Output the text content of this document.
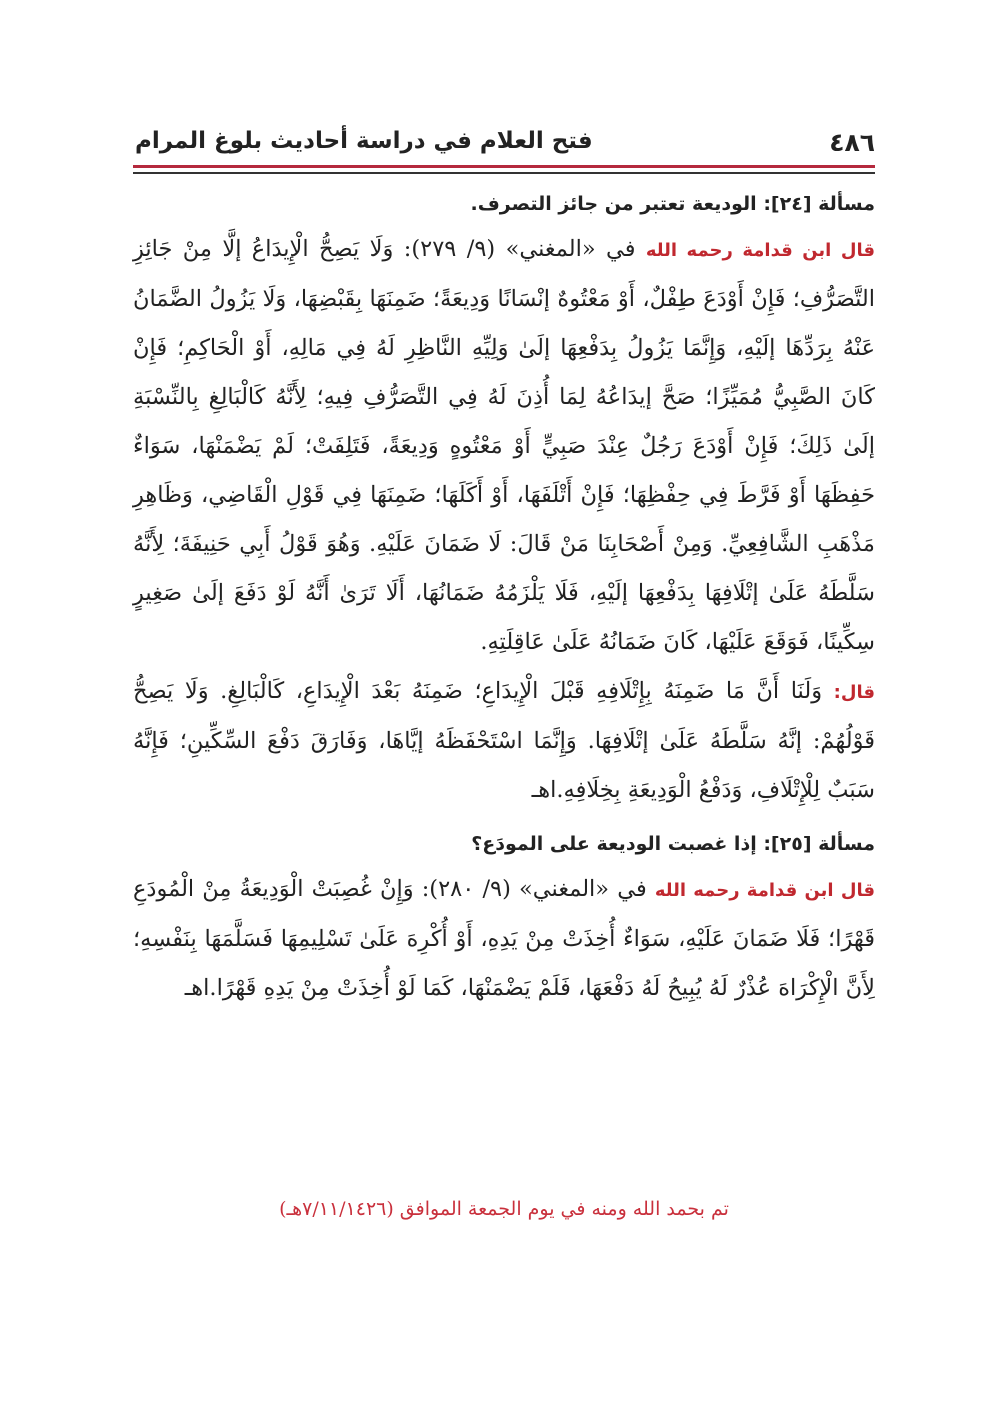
٤٨٦
فتح العلام في دراسة أحاديث بلوغ المرام
مسألة [٢٤]: الوديعة تعتبر من جائز التصرف.

قال ابن قدامة رحمه الله في «المغني» (٩/ ٢٧٩): وَلَا يَصِحُّ الْإِيدَاعُ إلَّا مِنْ جَائِزِ التَّصَرُّفِ؛ فَإِنْ أَوْدَعَ طِفْلٌ، أَوْ مَعْتُوهٌ إنْسَانًا وَدِيعَةً؛ ضَمِنَهَا بِقَبْضِهَا، وَلَا يَزُولُ الضَّمَانُ عَنْهُ بِرَدِّهَا إلَيْهِ، وَإِنَّمَا يَزُولُ بِدَفْعِهَا إلَىٰ وَلِيِّهِ النَّاظِرِ لَهُ فِي مَالِهِ، أَوْ الْحَاكِمِ؛ فَإِنْ كَانَ الصَّبِيُّ مُمَيِّزًا؛ صَحَّ إيدَاعُهُ لِمَا أُذِنَ لَهُ فِي التَّصَرُّفِ فِيهِ؛ لِأَنَّهُ كَالْبَالِغِ بِالنِّسْبَةِ إلَىٰ ذَلِكَ؛ فَإِنْ أَوْدَعَ رَجُلٌ عِنْدَ صَبِيٍّ أَوْ مَعْتُوهٍ وَدِيعَةً، فَتَلِفَتْ؛ لَمْ يَضْمَنْهَا، سَوَاءٌ حَفِظَهَا أَوْ فَرَّطَ فِي حِفْظِهَا؛ فَإِنْ أَتْلَفَهَا، أَوْ أَكَلَهَا؛ ضَمِنَهَا فِي قَوْلِ الْقَاضِي، وَظَاهِرِ مَذْهَبِ الشَّافِعِيِّ. وَمِنْ أَصْحَابِنَا مَنْ قَالَ: لَا ضَمَانَ عَلَيْهِ. وَهُوَ قَوْلُ أَبِي حَنِيفَةَ؛ لِأَنَّهُ سَلَّطَهُ عَلَىٰ إتْلَافِهَا بِدَفْعِهَا إلَيْهِ، فَلَا يَلْزَمُهُ ضَمَانُهَا، أَلَا تَرَىٰ أَنَّهُ لَوْ دَفَعَ إلَىٰ صَغِيرٍ سِكِّينًا، فَوَقَعَ عَلَيْهَا، كَانَ ضَمَانُهُ عَلَىٰ عَاقِلَتِهِ.

قال: وَلَنَا أَنَّ مَا ضَمِنَهُ بِإِتْلَافِهِ قَبْلَ الْإِيدَاعِ؛ ضَمِنَهُ بَعْدَ الْإِيدَاعِ، كَالْبَالِغِ. وَلَا يَصِحُّ قَوْلُهُمْ: إنَّهُ سَلَّطَهُ عَلَىٰ إتْلَافِهَا. وَإِنَّمَا اسْتَحْفَظَهُ إيَّاهَا، وَفَارَقَ دَفْعَ السِّكِّينِ؛ فَإِنَّهُ سَبَبٌ لِلْإِتْلَافِ، وَدَفْعُ الْوَدِيعَةِ بِخِلَافِهِ.اهـ

مسألة [٢٥]: إذا غصبت الوديعة على المودَع؟

قال ابن قدامة رحمه الله في «المغني» (٩/ ٢٨٠): وَإِنْ غُصِبَتْ الْوَدِيعَةُ مِنْ الْمُودَعِ قَهْرًا؛ فَلَا ضَمَانَ عَلَيْهِ، سَوَاءٌ أُخِذَتْ مِنْ يَدِهِ، أَوْ أُكْرِهَ عَلَىٰ تَسْلِيمِهَا فَسَلَّمَهَا بِنَفْسِهِ؛ لِأَنَّ الْإِكْرَاهَ عُذْرٌ لَهُ يُبِيحُ لَهُ دَفْعَهَا، فَلَمْ يَضْمَنْهَا، كَمَا لَوْ أُخِذَتْ مِنْ يَدِهِ قَهْرًا.اهـ

تم بحمد الله ومنه في يوم الجمعة الموافق (٧/١١/١٤٢٦هـ)
